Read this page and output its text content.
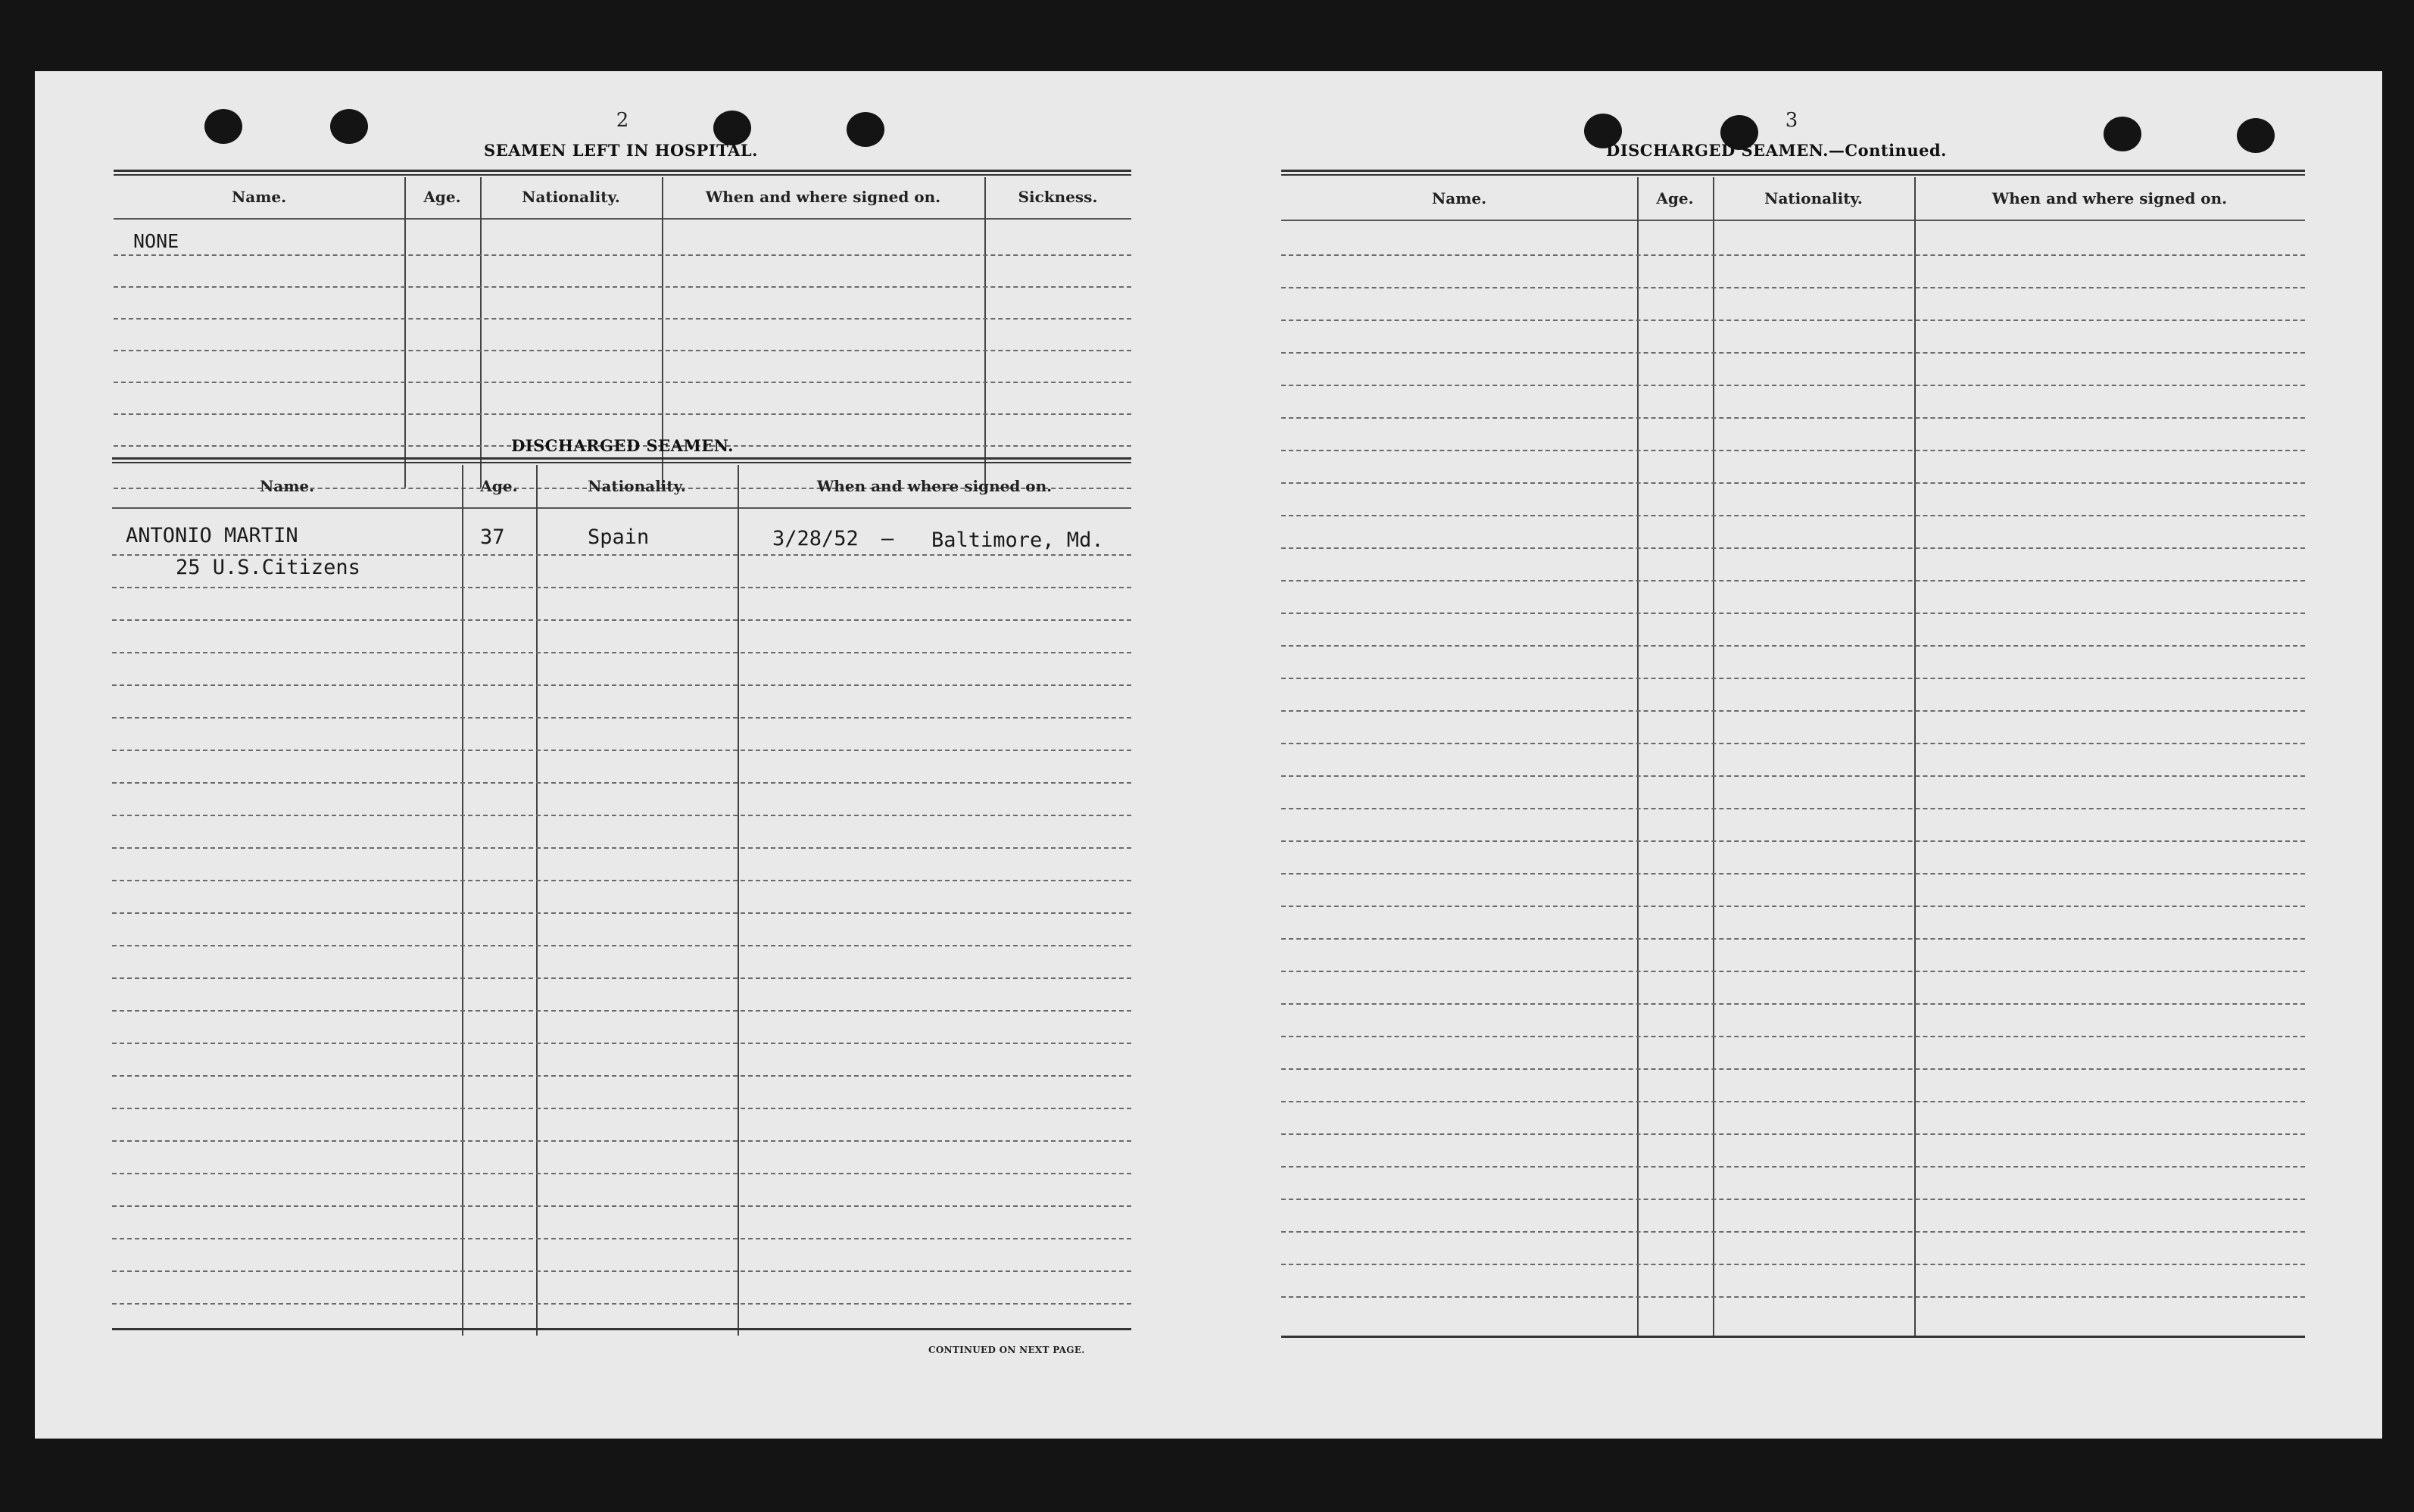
2
SEAMEN LEFT IN HOSPITAL.
Name.	Age.	Nationality.	When and where signed on.	Sickness.
NONE
DISCHARGED SEAMEN.
Name.	Age.	Nationality.	When and where signed on.
ANTONIO MARTIN	37	Spain	3/28/52 — Baltimore, Md.
25 U.S.Citizens
CONTINUED ON NEXT PAGE.
3
DISCHARGED SEAMEN.—Continued.
Name.	Age.	Nationality.	When and where signed on.
